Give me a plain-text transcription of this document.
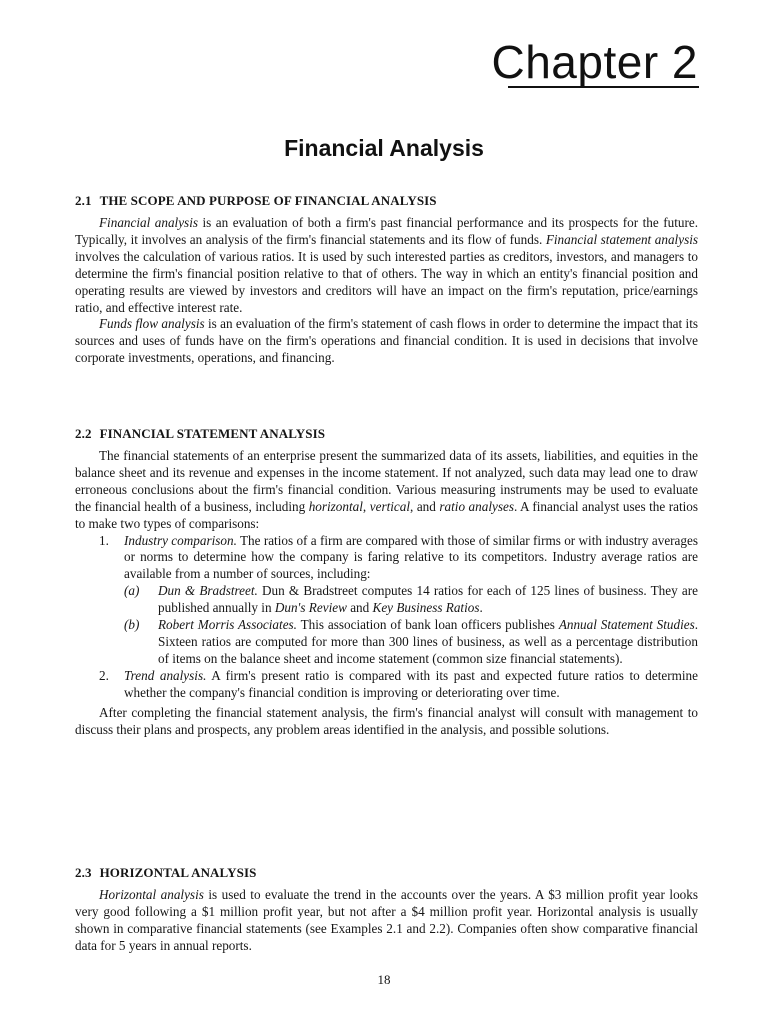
Chapter 2
Financial Analysis
2.1 THE SCOPE AND PURPOSE OF FINANCIAL ANALYSIS

Financial analysis is an evaluation of both a firm's past financial performance and its prospects for the future. Typically, it involves an analysis of the firm's financial statements and its flow of funds. Financial statement analysis involves the calculation of various ratios. It is used by such interested parties as creditors, investors, and managers to determine the firm's financial position relative to that of others. The way in which an entity's financial position and operating results are viewed by investors and creditors will have an impact on the firm's reputation, price/earnings ratio, and effective interest rate.

Funds flow analysis is an evaluation of the firm's statement of cash flows in order to determine the impact that its sources and uses of funds have on the firm's operations and financial condition. It is used in decisions that involve corporate investments, operations, and financing.

2.2 FINANCIAL STATEMENT ANALYSIS

The financial statements of an enterprise present the summarized data of its assets, liabilities, and equities in the balance sheet and its revenue and expenses in the income statement. If not analyzed, such data may lead one to draw erroneous conclusions about the firm's financial condition. Various measuring instruments may be used to evaluate the financial health of a business, including horizontal, vertical, and ratio analyses. A financial analyst uses the ratios to make two types of comparisons:

1. Industry comparison. The ratios of a firm are compared with those of similar firms or with industry averages or norms to determine how the company is faring relative to its competitors. Industry average ratios are available from a number of sources, including:
(a) Dun & Bradstreet. Dun & Bradstreet computes 14 ratios for each of 125 lines of business. They are published annually in Dun's Review and Key Business Ratios.
(b) Robert Morris Associates. This association of bank loan officers publishes Annual Statement Studies. Sixteen ratios are computed for more than 300 lines of business, as well as a percentage distribution of items on the balance sheet and income statement (common size financial statements).
2. Trend analysis. A firm's present ratio is compared with its past and expected future ratios to determine whether the company's financial condition is improving or deteriorating over time.

After completing the financial statement analysis, the firm's financial analyst will consult with management to discuss their plans and prospects, any problem areas identified in the analysis, and possible solutions.

2.3 HORIZONTAL ANALYSIS

Horizontal analysis is used to evaluate the trend in the accounts over the years. A $3 million profit year looks very good following a $1 million profit year, but not after a $4 million profit year. Horizontal analysis is usually shown in comparative financial statements (see Examples 2.1 and 2.2). Companies often show comparative financial data for 5 years in annual reports.

18
